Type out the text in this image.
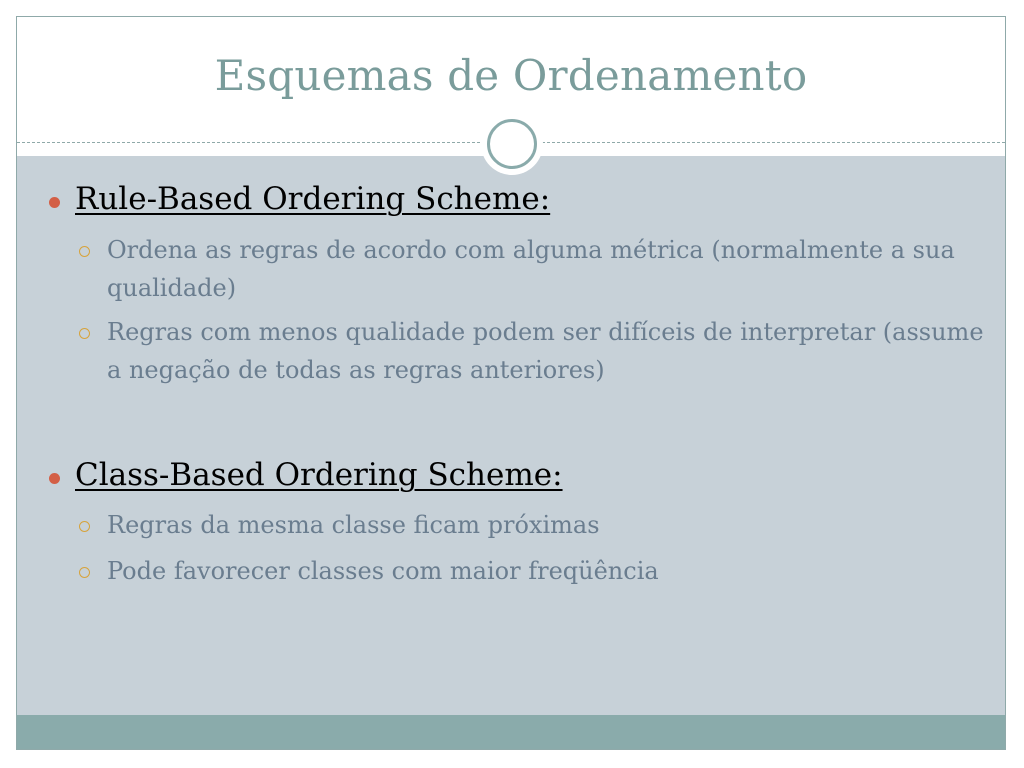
Esquemas de Ordenamento
Rule-Based Ordering Scheme:
Ordena as regras de acordo com alguma métrica (normalmente a sua qualidade)
Regras com menos qualidade podem ser difíceis de interpretar (assume a negação de todas as regras anteriores)
Class-Based Ordering Scheme:
Regras da mesma classe ficam próximas
Pode favorecer classes com maior freqüência
